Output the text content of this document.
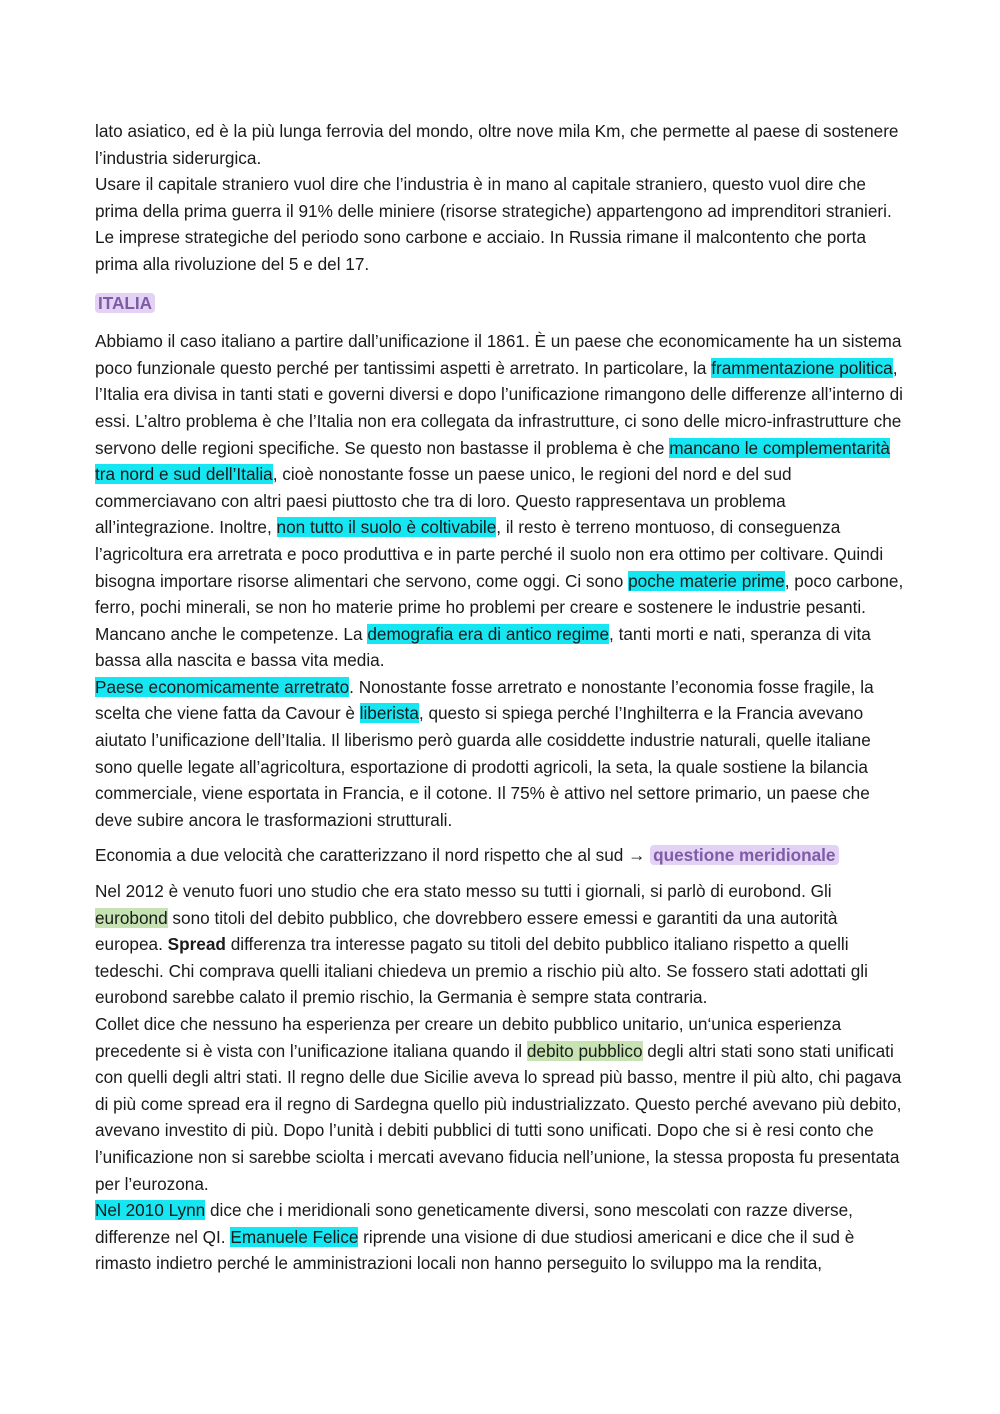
lato asiatico, ed è la più lunga ferrovia del mondo, oltre nove mila Km, che permette al paese di sostenere l’industria siderurgica.

Usare il capitale straniero vuol dire che l’industria è in mano al capitale straniero, questo vuol dire che prima della prima guerra il 91% delle miniere (risorse strategiche) appartengono ad imprenditori stranieri. Le imprese strategiche del periodo sono carbone e acciaio. In Russia rimane il malcontento che porta prima alla rivoluzione del 5 e del 17.

ITALIA

Abbiamo il caso italiano a partire dall’unificazione il 1861. È un paese che economicamente ha un sistema poco funzionale questo perché per tantissimi aspetti è arretrato. In particolare, la frammentazione politica, l’Italia era divisa in tanti stati e governi diversi e dopo l’unificazione rimangono delle differenze all’interno di essi. L’altro problema è che l’Italia non era collegata da infrastrutture, ci sono delle micro-infrastrutture che servono delle regioni specifiche. Se questo non bastasse il problema è che mancano le complementarità tra nord e sud dell’Italia, cioè nonostante fosse un paese unico, le regioni del nord e del sud commerciavano con altri paesi piuttosto che tra di loro. Questo rappresentava un problema all’integrazione. Inoltre, non tutto il suolo è coltivabile, il resto è terreno montuoso, di conseguenza l’agricoltura era arretrata e poco produttiva e in parte perché il suolo non era ottimo per coltivare. Quindi bisogna importare risorse alimentari che servono, come oggi. Ci sono poche materie prime, poco carbone, ferro, pochi minerali, se non ho materie prime ho problemi per creare e sostenere le industrie pesanti. Mancano anche le competenze. La demografia era di antico regime, tanti morti e nati, speranza di vita bassa alla nascita e bassa vita media.

Paese economicamente arretrato. Nonostante fosse arretrato e nonostante l’economia fosse fragile, la scelta che viene fatta da Cavour è liberista, questo si spiega perché l’Inghilterra e la Francia avevano aiutato l’unificazione dell’Italia. Il liberismo però guarda alle cosiddette industrie naturali, quelle italiane sono quelle legate all’agricoltura, esportazione di prodotti agricoli, la seta, la quale sostiene la bilancia commerciale, viene esportata in Francia, e il cotone. Il 75% è attivo nel settore primario, un paese che deve subire ancora le trasformazioni strutturali.

Economia a due velocità che caratterizzano il nord rispetto che al sud → questione meridionale

Nel 2012 è venuto fuori uno studio che era stato messo su tutti i giornali, si parlò di eurobond. Gli eurobond sono titoli del debito pubblico, che dovrebbero essere emessi e garantiti da una autorità europea. Spread differenza tra interesse pagato su titoli del debito pubblico italiano rispetto a quelli tedeschi. Chi comprava quelli italiani chiedeva un premio a rischio più alto. Se fossero stati adottati gli eurobond sarebbe calato il premio rischio, la Germania è sempre stata contraria.

Collet dice che nessuno ha esperienza per creare un debito pubblico unitario, un‘unica esperienza precedente si è vista con l’unificazione italiana quando il debito pubblico degli altri stati sono stati unificati con quelli degli altri stati. Il regno delle due Sicilie aveva lo spread più basso, mentre il più alto, chi pagava di più come spread era il regno di Sardegna quello più industrializzato. Questo perché avevano più debito, avevano investito di più. Dopo l’unità i debiti pubblici di tutti sono unificati. Dopo che si è resi conto che l’unificazione non si sarebbe sciolta i mercati avevano fiducia nell’unione, la stessa proposta fu presentata per l’eurozona.

Nel 2010 Lynn dice che i meridionali sono geneticamente diversi, sono mescolati con razze diverse, differenze nel QI. Emanuele Felice riprende una visione di due studiosi americani e dice che il sud è rimasto indietro perché le amministrazioni locali non hanno perseguito lo sviluppo ma la rendita,
